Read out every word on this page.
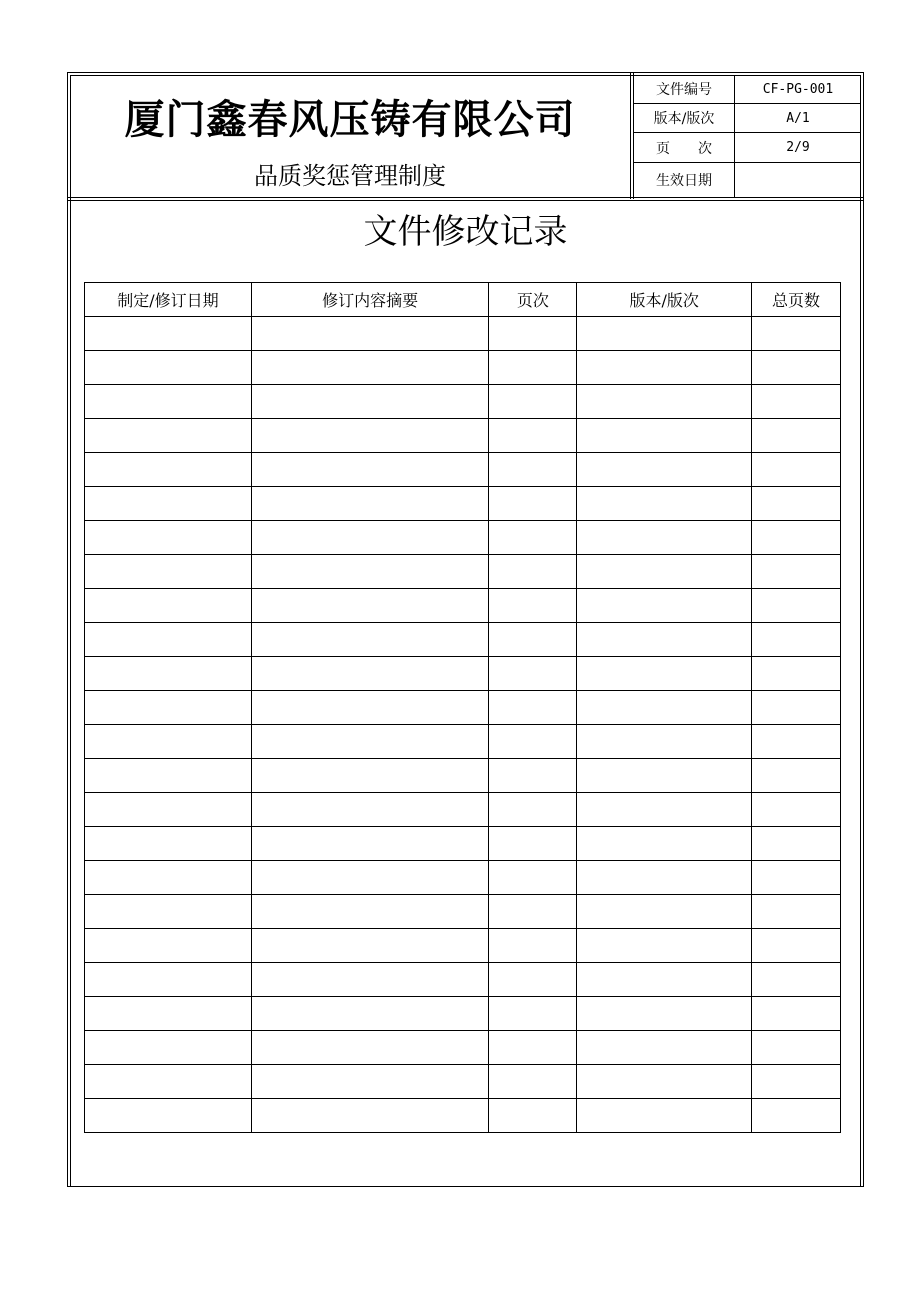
厦门鑫春风压铸有限公司
品质奖惩管理制度
文件编号	CF-PG-001
版本/版次	A/1
页　　次	2/9
生效日期	
文件修改记录
制定/修订日期	修订内容摘要	页次	版本/版次	总页数
